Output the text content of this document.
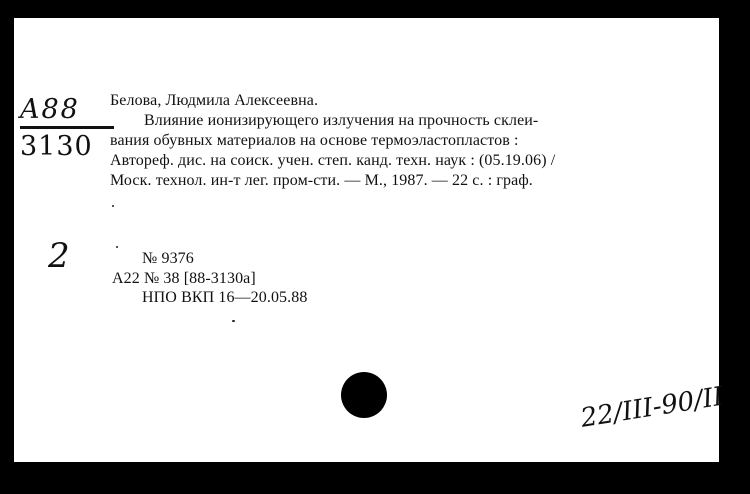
A88
3130
Белова, Людмила Алексеевна.
Влияние ионизирующего излучения на прочность склеи-
вания обувных материалов на основе термоэластопластов :
Автореф. дис. на соиск. учен. степ. канд. техн. наук : (05.19.06) /
Моск. технол. ин-т лег. пром-сти. — М., 1987. — 22 с. : граф.
2	№ 9376
А22 № 38 [88-3130а]
НПО ВКП 16—20.05.88
22/ІІІ-90/ІІ
